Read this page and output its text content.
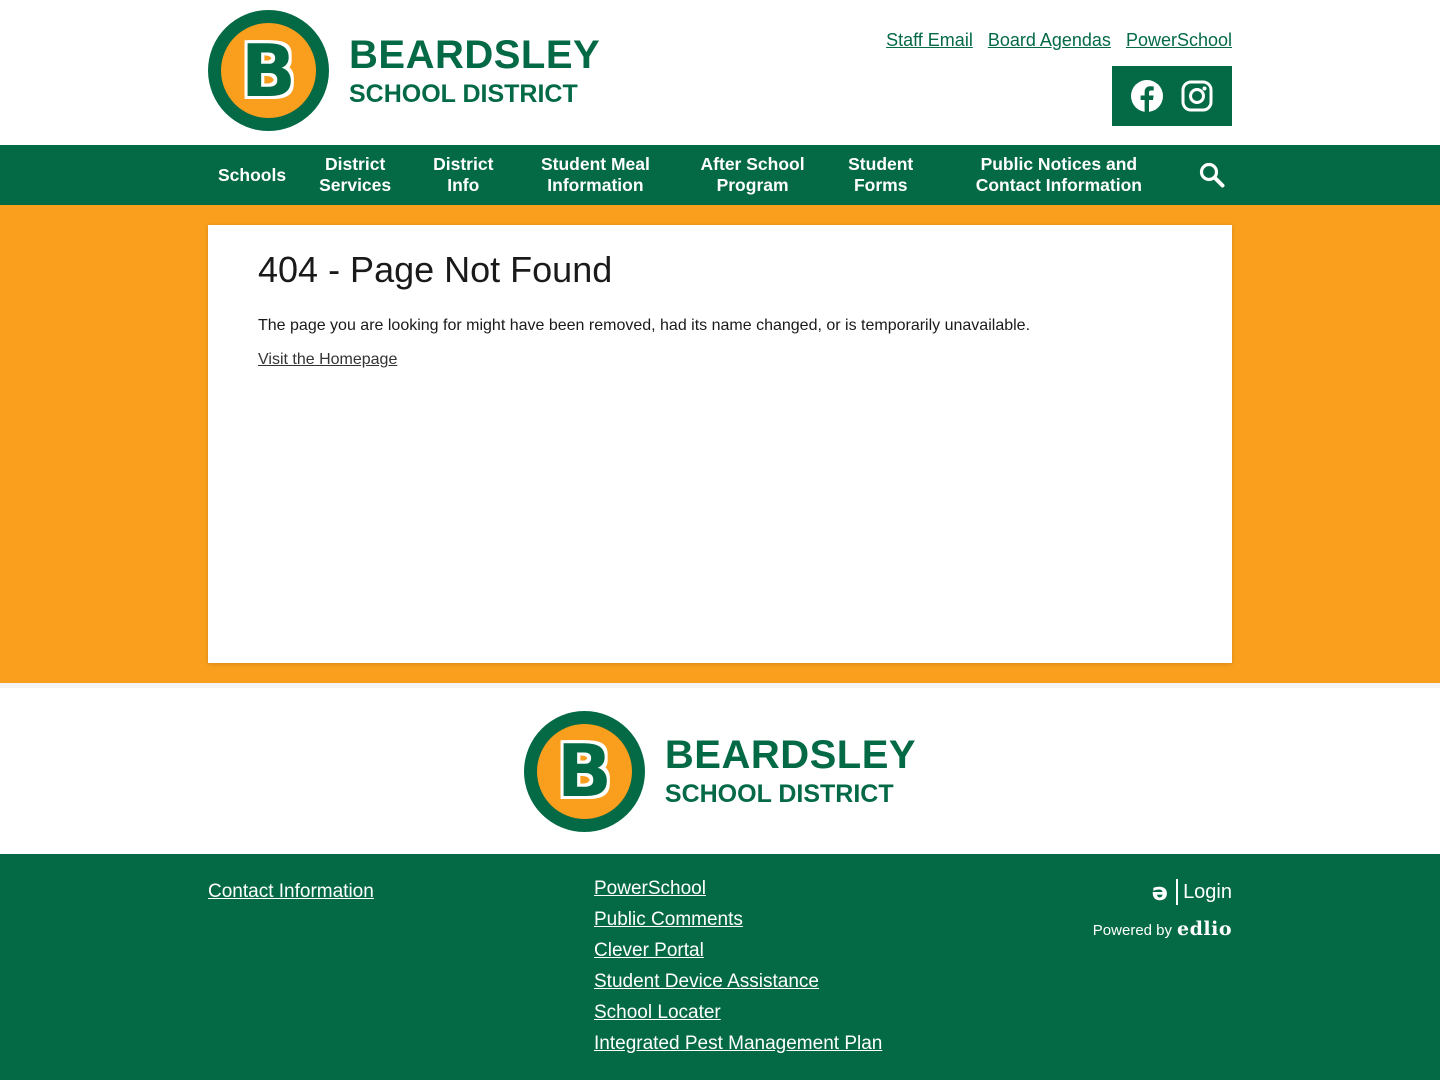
B BEARDSLEY
SCHOOL DISTRICT
Staff Email Board Agendas PowerSchool
Schools
District Services
District Info
Student Meal Information
After School Program
Student Forms
Public Notices and Contact Information
404 - Page Not Found

The page you are looking for might have been removed, had its name changed, or is temporarily unavailable.

Visit the Homepage
B BEARDSLEY
SCHOOL DISTRICT
Contact Information	PowerSchool
Public Comments
Clever Portal
Student Device Assistance
School Locater
Integrated Pest Management Plan
ə Login
Powered by edlio
